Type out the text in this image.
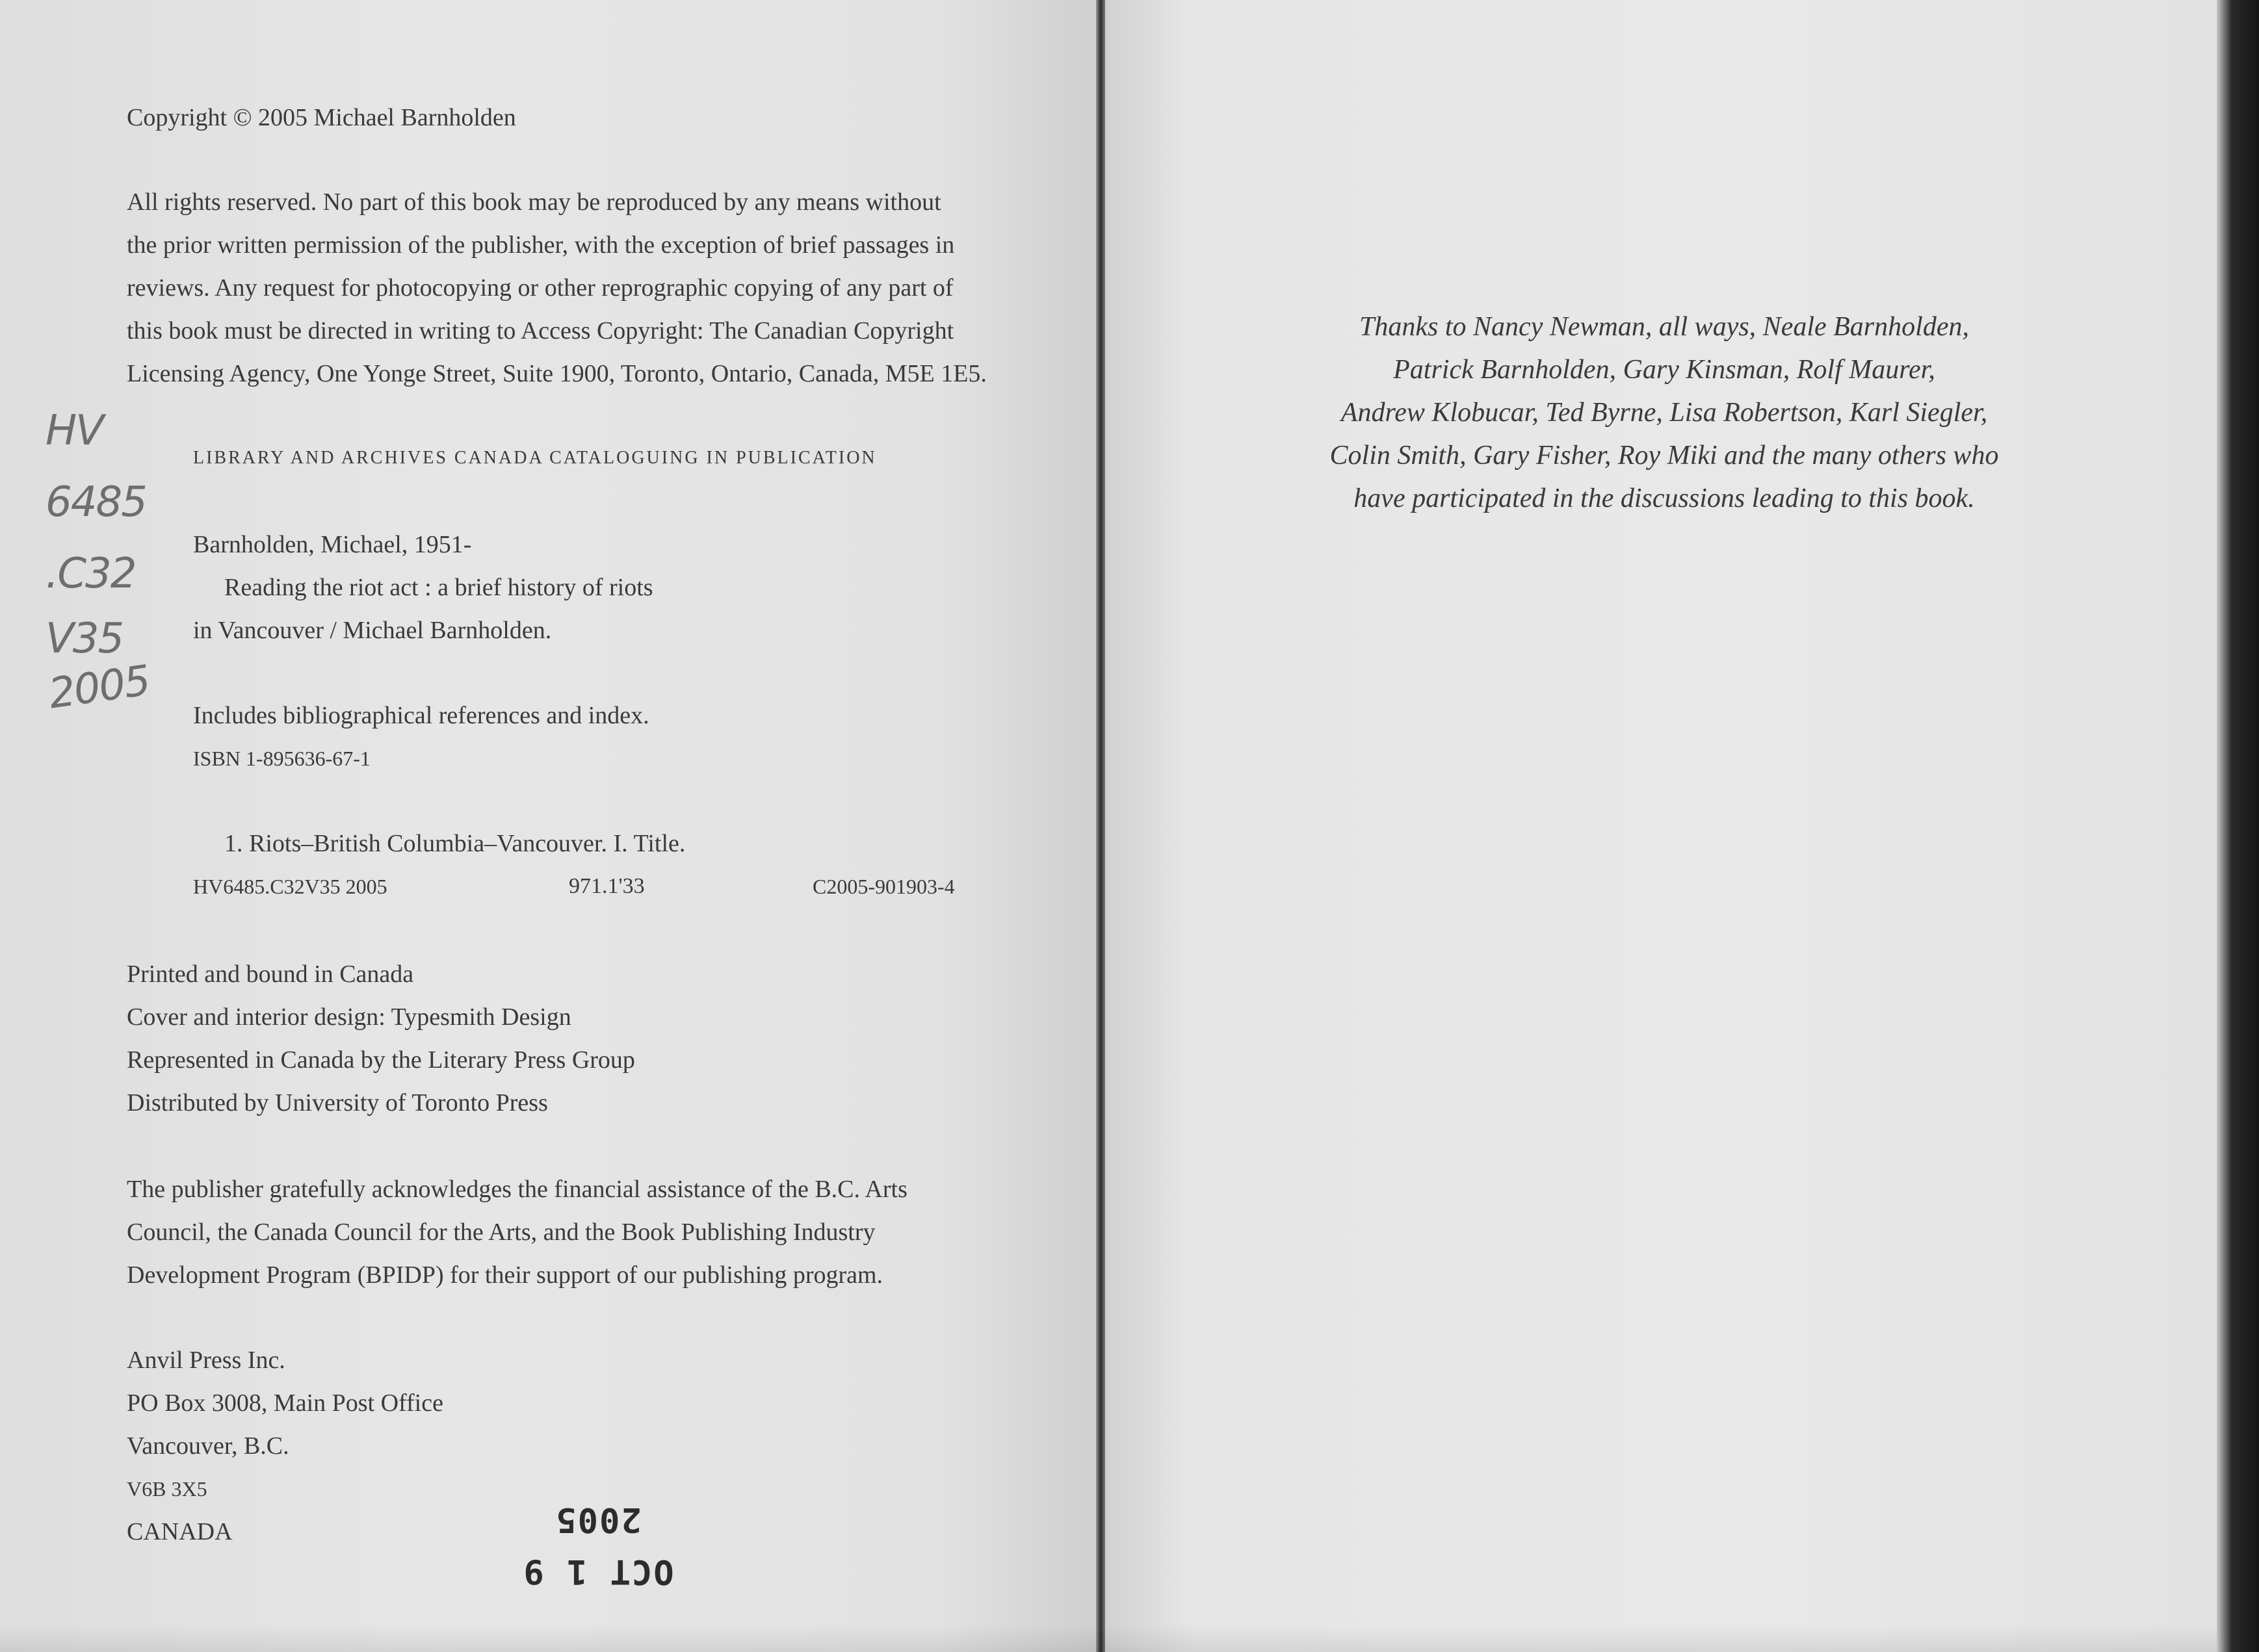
Copyright © 2005 Michael Barnholden
All rights reserved. No part of this book may be reproduced by any means without
the prior written permission of the publisher, with the exception of brief passages in
reviews. Any request for photocopying or other reprographic copying of any part of
this book must be directed in writing to Access Copyright: The Canadian Copyright
Licensing Agency, One Yonge Street, Suite 1900, Toronto, Ontario, Canada, M5E 1E5.
LIBRARY AND ARCHIVES CANADA CATALOGUING IN PUBLICATION
Barnholden, Michael, 1951-
Reading the riot act : a brief history of riots
in Vancouver / Michael Barnholden.
Includes bibliographical references and index.
ISBN 1-895636-67-1
1. Riots–British Columbia–Vancouver. I. Title.
HV6485.C32V35 2005	971.1'33	C2005-901903-4
HV
6485
.C32
V35
2005
Printed and bound in Canada
Cover and interior design: Typesmith Design
Represented in Canada by the Literary Press Group
Distributed by University of Toronto Press
The publisher gratefully acknowledges the financial assistance of the B.C. Arts
Council, the Canada Council for the Arts, and the Book Publishing Industry
Development Program (BPIDP) for their support of our publishing program.
Anvil Press Inc.
PO Box 3008, Main Post Office
Vancouver, B.C.
V6B 3X5
CANADA
OCT 1 9 2005
Thanks to Nancy Newman, all ways, Neale Barnholden,
Patrick Barnholden, Gary Kinsman, Rolf Maurer,
Andrew Klobucar, Ted Byrne, Lisa Robertson, Karl Siegler,
Colin Smith, Gary Fisher, Roy Miki and the many others who
have participated in the discussions leading to this book.
